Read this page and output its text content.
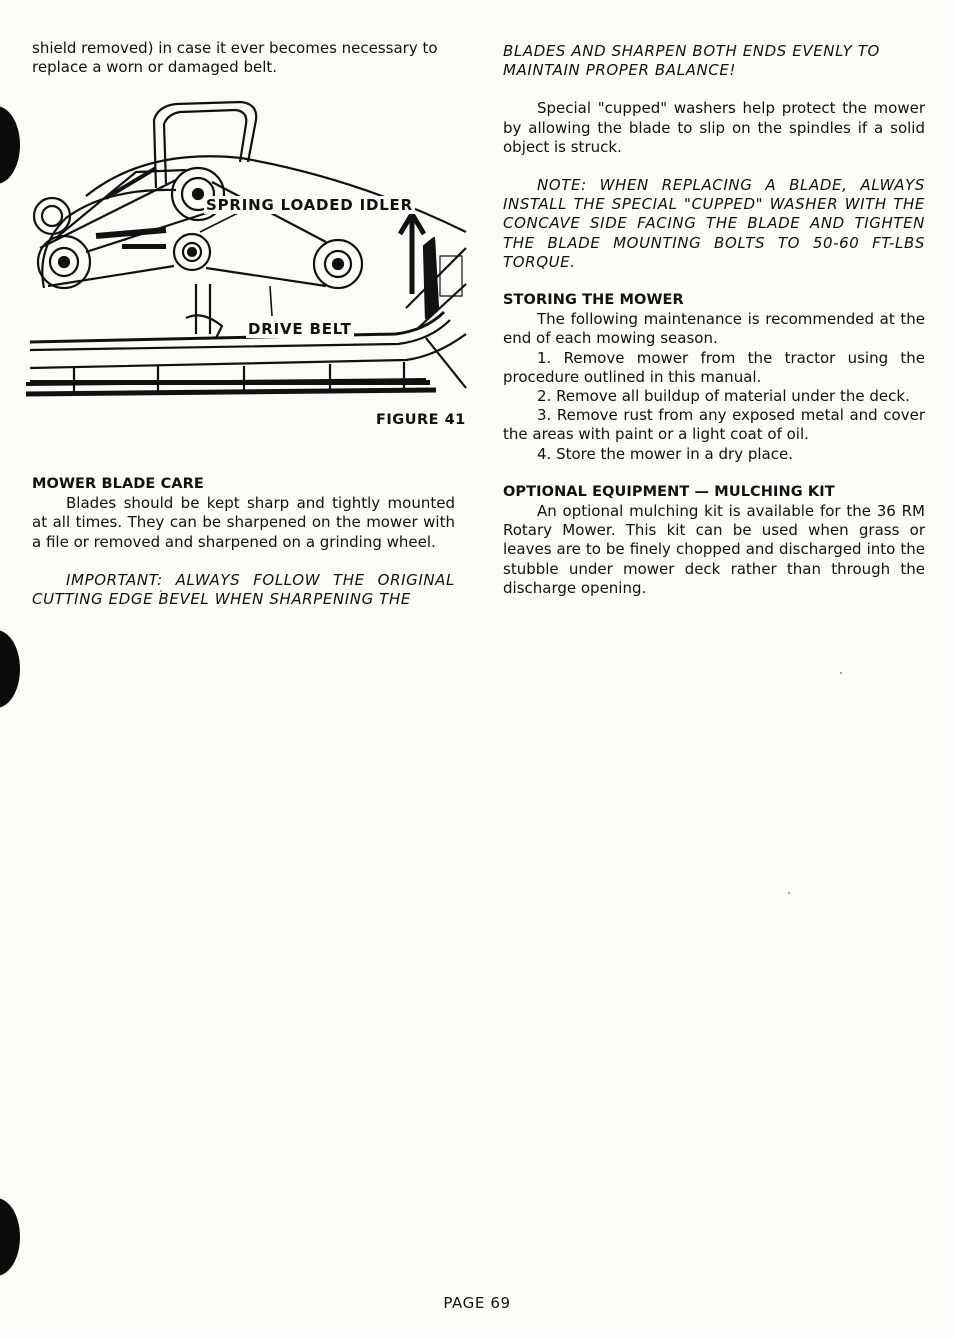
shield removed) in case it ever becomes necessary to replace a worn or damaged belt.

SPRING LOADED IDLER
DRIVE BELT
FIGURE 41
MOWER BLADE CARE

Blades should be kept sharp and tightly mounted at all times. They can be sharpened on the mower with a file or removed and sharpened on a grinding wheel.

IMPORTANT: ALWAYS FOLLOW THE ORIGINAL CUTTING EDGE BEVEL WHEN SHARPENING THE

BLADES AND SHARPEN BOTH ENDS EVENLY TO MAINTAIN PROPER BALANCE!

Special "cupped" washers help protect the mower by allowing the blade to slip on the spindles if a solid object is struck.

NOTE: WHEN REPLACING A BLADE, ALWAYS INSTALL THE SPECIAL "CUPPED" WASHER WITH THE CONCAVE SIDE FACING THE BLADE AND TIGHTEN THE BLADE MOUNTING BOLTS TO 50-60 FT-LBS TORQUE.

STORING THE MOWER

The following maintenance is recommended at the end of each mowing season.

1. Remove mower from the tractor using the procedure outlined in this manual.

2. Remove all buildup of material under the deck.

3. Remove rust from any exposed metal and cover the areas with paint or a light coat of oil.

4. Store the mower in a dry place.

OPTIONAL EQUIPMENT — MULCHING KIT

An optional mulching kit is available for the 36 RM Rotary Mower. This kit can be used when grass or leaves are to be finely chopped and discharged into the stubble under mower deck rather than through the discharge opening.

PAGE 69
